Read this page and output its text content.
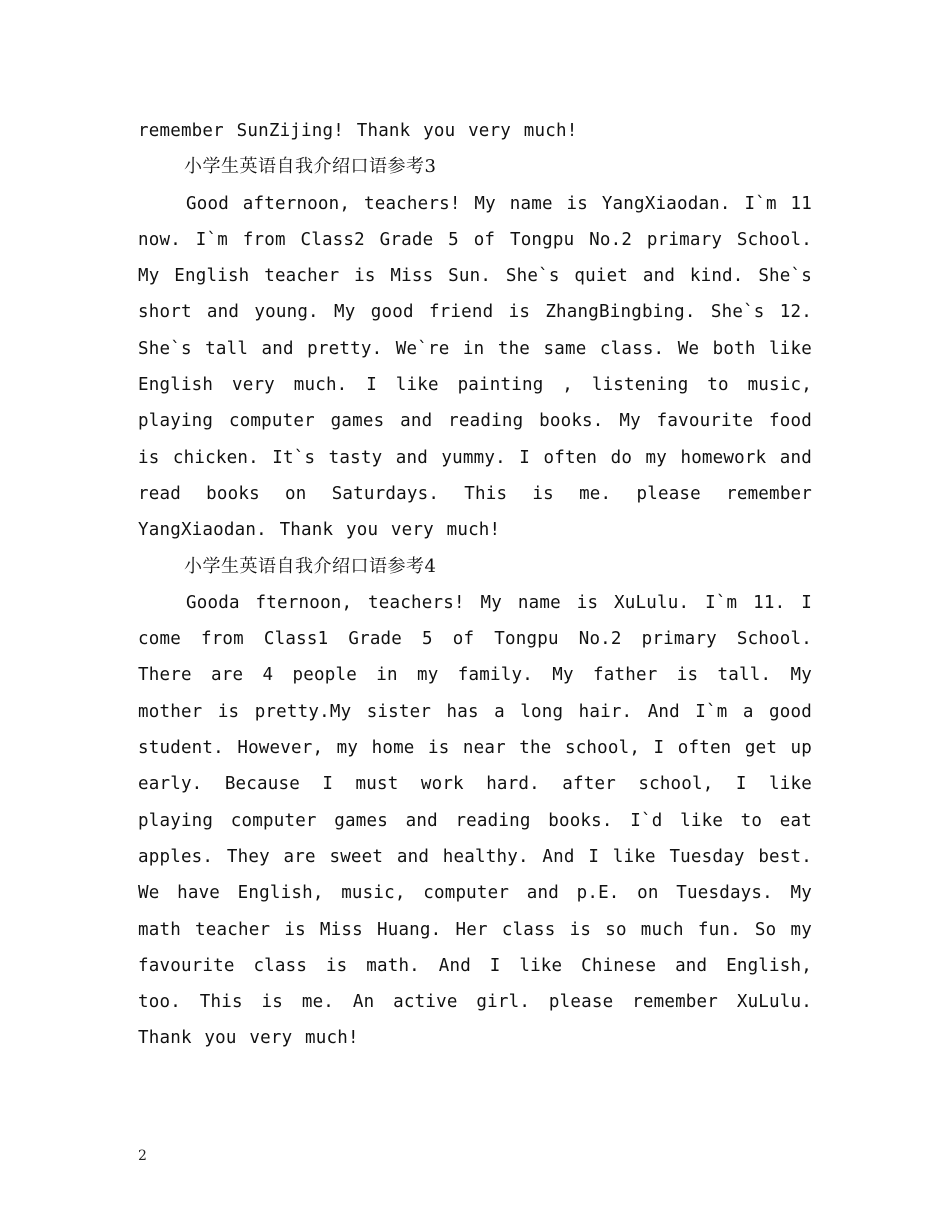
remember SunZijing! Thank you very much!

小学生英语自我介绍口语参考3

Good afternoon, teachers! My name is YangXiaodan. I`m 11 now. I`m from Class2 Grade 5 of Tongpu No.2 primary School. My English teacher is Miss Sun. She`s quiet and kind. She`s short and young. My good friend is ZhangBingbing. She`s 12. She`s tall and pretty. We`re in the same class. We both like English very much. I like painting , listening to music, playing computer games and reading books. My favourite food is chicken. It`s tasty and yummy. I often do my homework and read books on Saturdays. This is me. please remember YangXiaodan. Thank you very much!

小学生英语自我介绍口语参考4

Gooda fternoon, teachers! My name is XuLulu. I`m 11. I come from Class1 Grade 5 of Tongpu No.2 primary School. There are 4 people in my family. My father is tall. My mother is pretty.My sister has a long hair. And I`m a good student. However, my home is near the school, I often get up early. Because I must work hard. after school, I like playing computer games and reading books. I`d like to eat apples. They are sweet and healthy. And I like Tuesday best. We have English, music, computer and p.E. on Tuesdays. My math teacher is Miss Huang. Her class is so much fun. So my favourite class is math. And I like Chinese and English, too. This is me. An active girl. please remember XuLulu. Thank you very much!

2
